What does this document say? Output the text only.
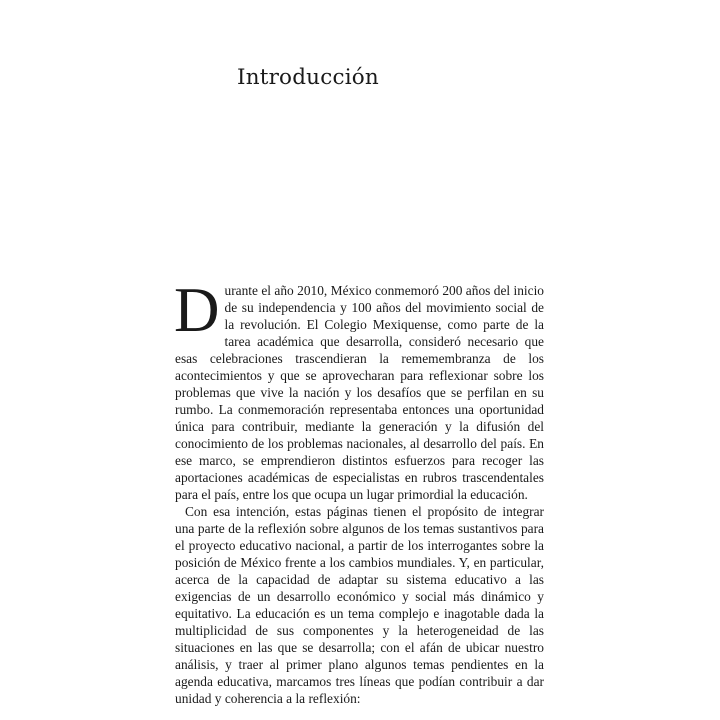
Introducción

Durante el año 2010, México conmemoró 200 años del inicio de su independencia y 100 años del movimiento social de la revolución. El Colegio Mexiquense, como parte de la tarea académica que desarrolla, consideró necesario que esas celebraciones trascendieran la rememembranza de los acontecimientos y que se aprovecharan para reflexionar sobre los problemas que vive la nación y los desafíos que se perfilan en su rumbo. La conmemoración representaba entonces una oportunidad única para contribuir, mediante la generación y la difusión del conocimiento de los problemas nacionales, al desarrollo del país. En ese marco, se emprendieron distintos esfuerzos para recoger las aportaciones académicas de especialistas en rubros trascendentales para el país, entre los que ocupa un lugar primordial la educación.

Con esa intención, estas páginas tienen el propósito de integrar una parte de la reflexión sobre algunos de los temas sustantivos para el proyecto educativo nacional, a partir de los interrogantes sobre la posición de México frente a los cambios mundiales. Y, en particular, acerca de la capacidad de adaptar su sistema educativo a las exigencias de un desarrollo económico y social más dinámico y equitativo. La educación es un tema complejo e inagotable dada la multiplicidad de sus componentes y la heterogeneidad de las situaciones en las que se desarrolla; con el afán de ubicar nuestro análisis, y traer al primer plano algunos temas pendientes en la agenda educativa, marcamos tres líneas que podían contribuir a dar unidad y coherencia a la reflexión:
